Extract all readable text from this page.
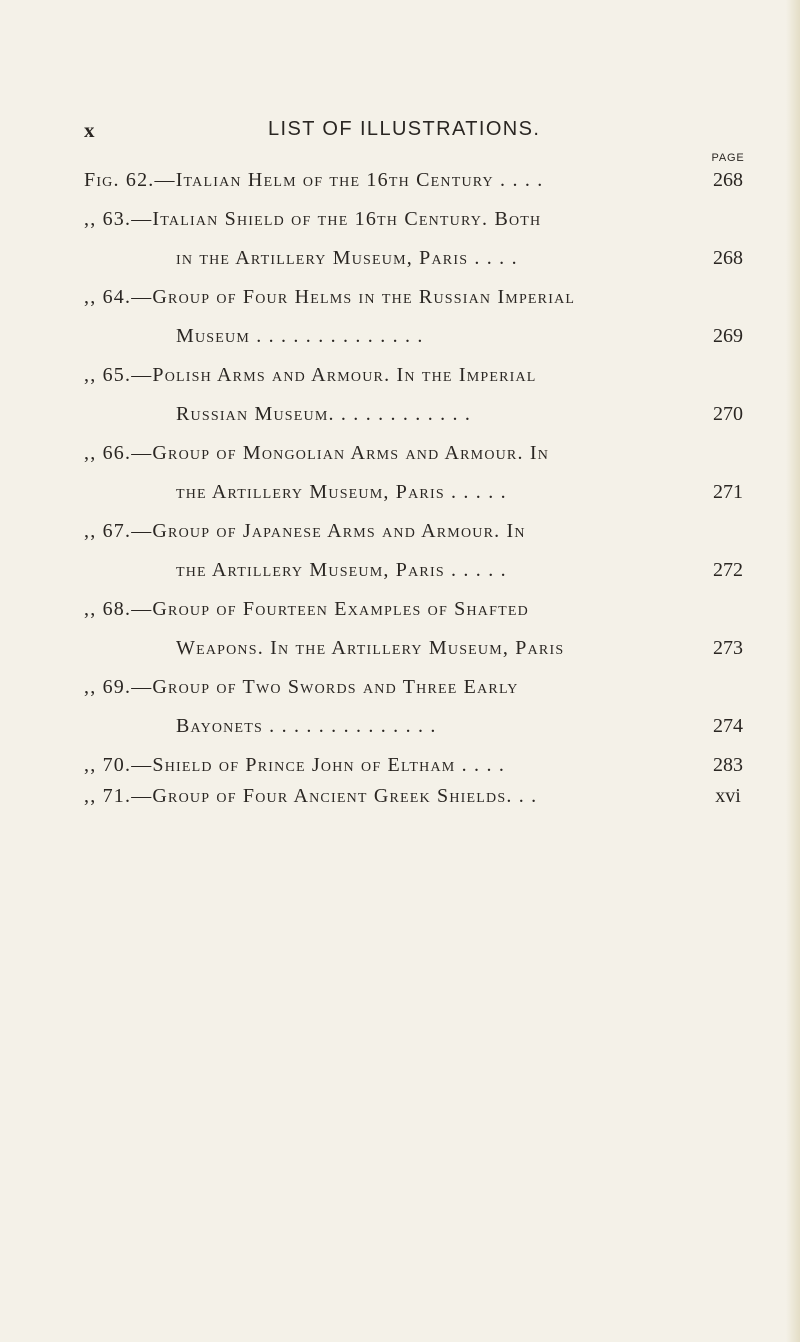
x	LIST OF ILLUSTRATIONS.
PAGE
Fig. 62.—Italian Helm of the 16th Century . . . .	268
,, 63.—Italian Shield of the 16th Century. Both
in the Artillery Museum, Paris . . . .	268
,, 64.—Group of Four Helms in the Russian Imperial
Museum . . . . . . . . . . . . . .	269
,, 65.—Polish Arms and Armour. In the Imperial
Russian Museum. . . . . . . . . . . .	270
,, 66.—Group of Mongolian Arms and Armour. In
the Artillery Museum, Paris . . . . .	271
,, 67.—Group of Japanese Arms and Armour. In
the Artillery Museum, Paris . . . . .	272
,, 68.—Group of Fourteen Examples of Shafted
Weapons. In the Artillery Museum, Paris	273
,, 69.—Group of Two Swords and Three Early
Bayonets . . . . . . . . . . . . . .	274
,, 70.—Shield of Prince John of Eltham . . . .	283
,, 71.—Group of Four Ancient Greek Shields. . .	xvi
